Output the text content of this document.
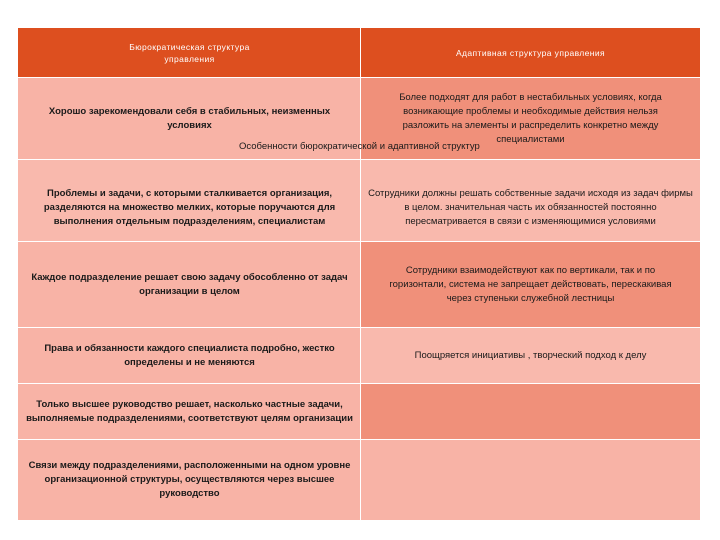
Бюрократическая структура управления
Адаптивная структура управления
Хорошо зарекомендовали себя в стабильных, неизменных условиях
Более подходят для работ в нестабильных условиях, когда возникающие проблемы и необходимые действия нельзя разложить на элементы и распределить конкретно между специалистами
Проблемы и задачи, с которыми сталкивается организация, разделяются на множество мелких, которые поручаются для выполнения отдельным подразделениям, специалистам
Сотрудники должны решать собственные задачи исходя из задач фирмы в целом. значительная часть их обязанностей постоянно пересматривается в связи с изменяющимися условиями
Каждое подразделение решает свою задачу обособленно от задач организации в целом
Сотрудники взаимодействуют как по вертикали, так и по горизонтали, система не запрещает действовать, перескакивая через ступеньки служебной лестницы
Права и обязанности каждого специалиста подробно, жестко определены и не меняются
Поощряется инициативы , творческий подход к делу
Только высшее руководство решает, насколько частные задачи, выполняемые подразделениями, соответствуют целям организации
Связи между подразделениями, расположенными на одном уровне организационной структуры, осуществляются через высшее руководство
Особенности бюрократической и адаптивной структур
